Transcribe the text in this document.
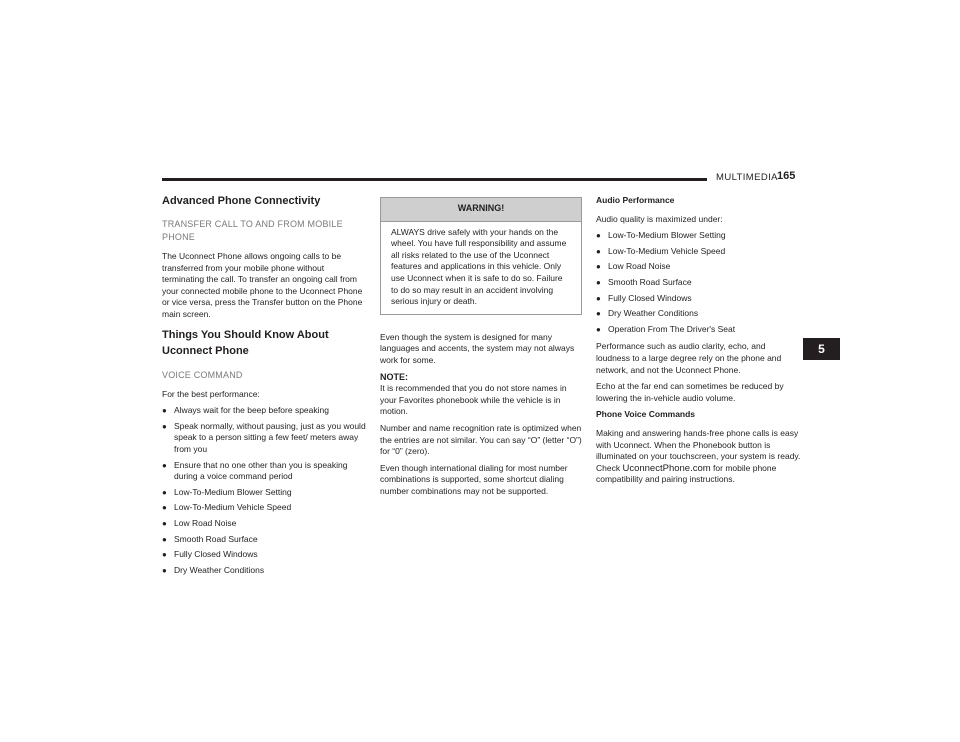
MULTIMEDIA 165
5
Advanced Phone Connectivity
TRANSFER CALL TO AND FROM MOBILE PHONE

The Uconnect Phone allows ongoing calls to be transferred from your mobile phone without terminating the call. To transfer an ongoing call from your connected mobile phone to the Uconnect Phone or vice versa, press the Transfer button on the Phone main screen.

Things You Should Know About Uconnect Phone
VOICE COMMAND

For the best performance:

● Always wait for the beep before speaking
● Speak normally, without pausing, just as you would speak to a person sitting a few feet/ meters away from you
● Ensure that no one other than you is speaking during a voice command period
● Low-To-Medium Blower Setting
● Low-To-Medium Vehicle Speed
● Low Road Noise
● Smooth Road Surface
● Fully Closed Windows
● Dry Weather Conditions
WARNING!
ALWAYS drive safely with your hands on the wheel. You have full responsibility and assume all risks related to the use of the Uconnect features and applications in this vehicle. Only use Uconnect when it is safe to do so. Failure to do so may result in an accident involving serious injury or death.

Even though the system is designed for many languages and accents, the system may not always work for some.

NOTE:

It is recommended that you do not store names in your Favorites phonebook while the vehicle is in motion.

Number and name recognition rate is optimized when the entries are not similar. You can say “O” (letter “O”) for “0” (zero).

Even though international dialing for most number combinations is supported, some shortcut dialing number combinations may not be supported.

Audio Performance

Audio quality is maximized under:

● Low-To-Medium Blower Setting
● Low-To-Medium Vehicle Speed
● Low Road Noise
● Smooth Road Surface
● Fully Closed Windows
● Dry Weather Conditions
● Operation From The Driver's Seat

Performance such as audio clarity, echo, and loudness to a large degree rely on the phone and network, and not the Uconnect Phone.

Echo at the far end can sometimes be reduced by lowering the in-vehicle audio volume.

Phone Voice Commands

Making and answering hands-free phone calls is easy with Uconnect. When the Phonebook button is illuminated on your touchscreen, your system is ready. Check UconnectPhone.com for mobile phone compatibility and pairing instructions.
